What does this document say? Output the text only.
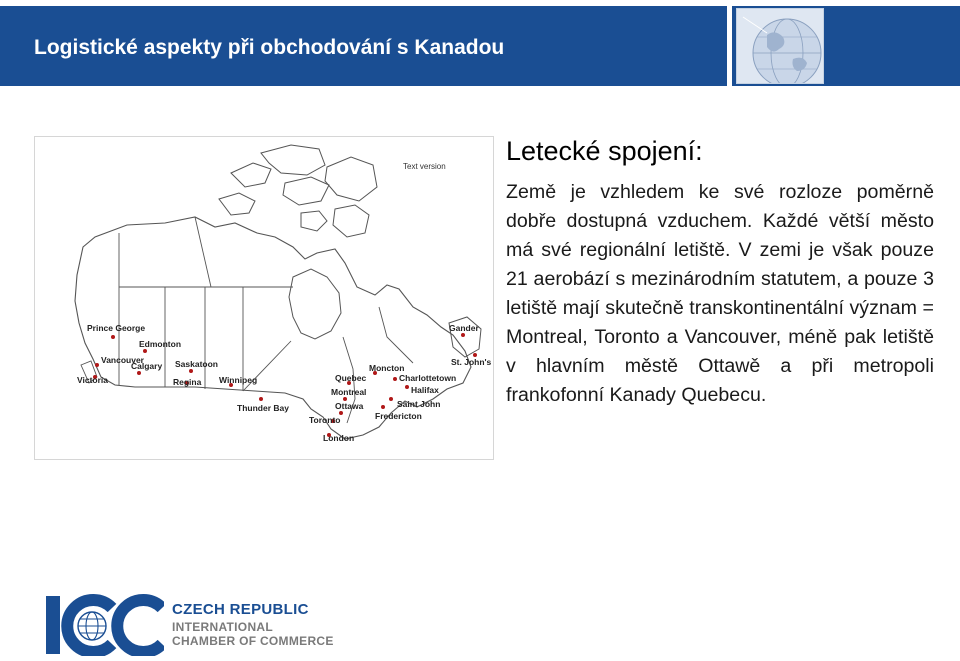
Logistické aspekty při obchodování s Kanadou
Text version
Prince George
Edmonton
Vancouver
Victoria
Calgary Saskatoon
Regina Winnipeg
Thunder Bay
Quebec
Montreal
Ottawa
Toronto
London
Moncton
Charlottetown
Halifax
Saint John
Fredericton
Gander
St. John's
Letecké spojení:
Země je vzhledem ke své rozloze poměrně dobře dostupná vzduchem. Každé větší město má své regionální letiště. V zemi je však pouze 21 aerobází s mezinárodním statutem, a pouze 3 letiště mají skutečně transkontinentální význam = Montreal, Toronto a Vancouver, méně pak letiště v hlavním městě Ottawě a při metropoli frankofonní Kanady Quebecu.
CZECH REPUBLIC
INTERNATIONAL
CHAMBER OF COMMERCE
